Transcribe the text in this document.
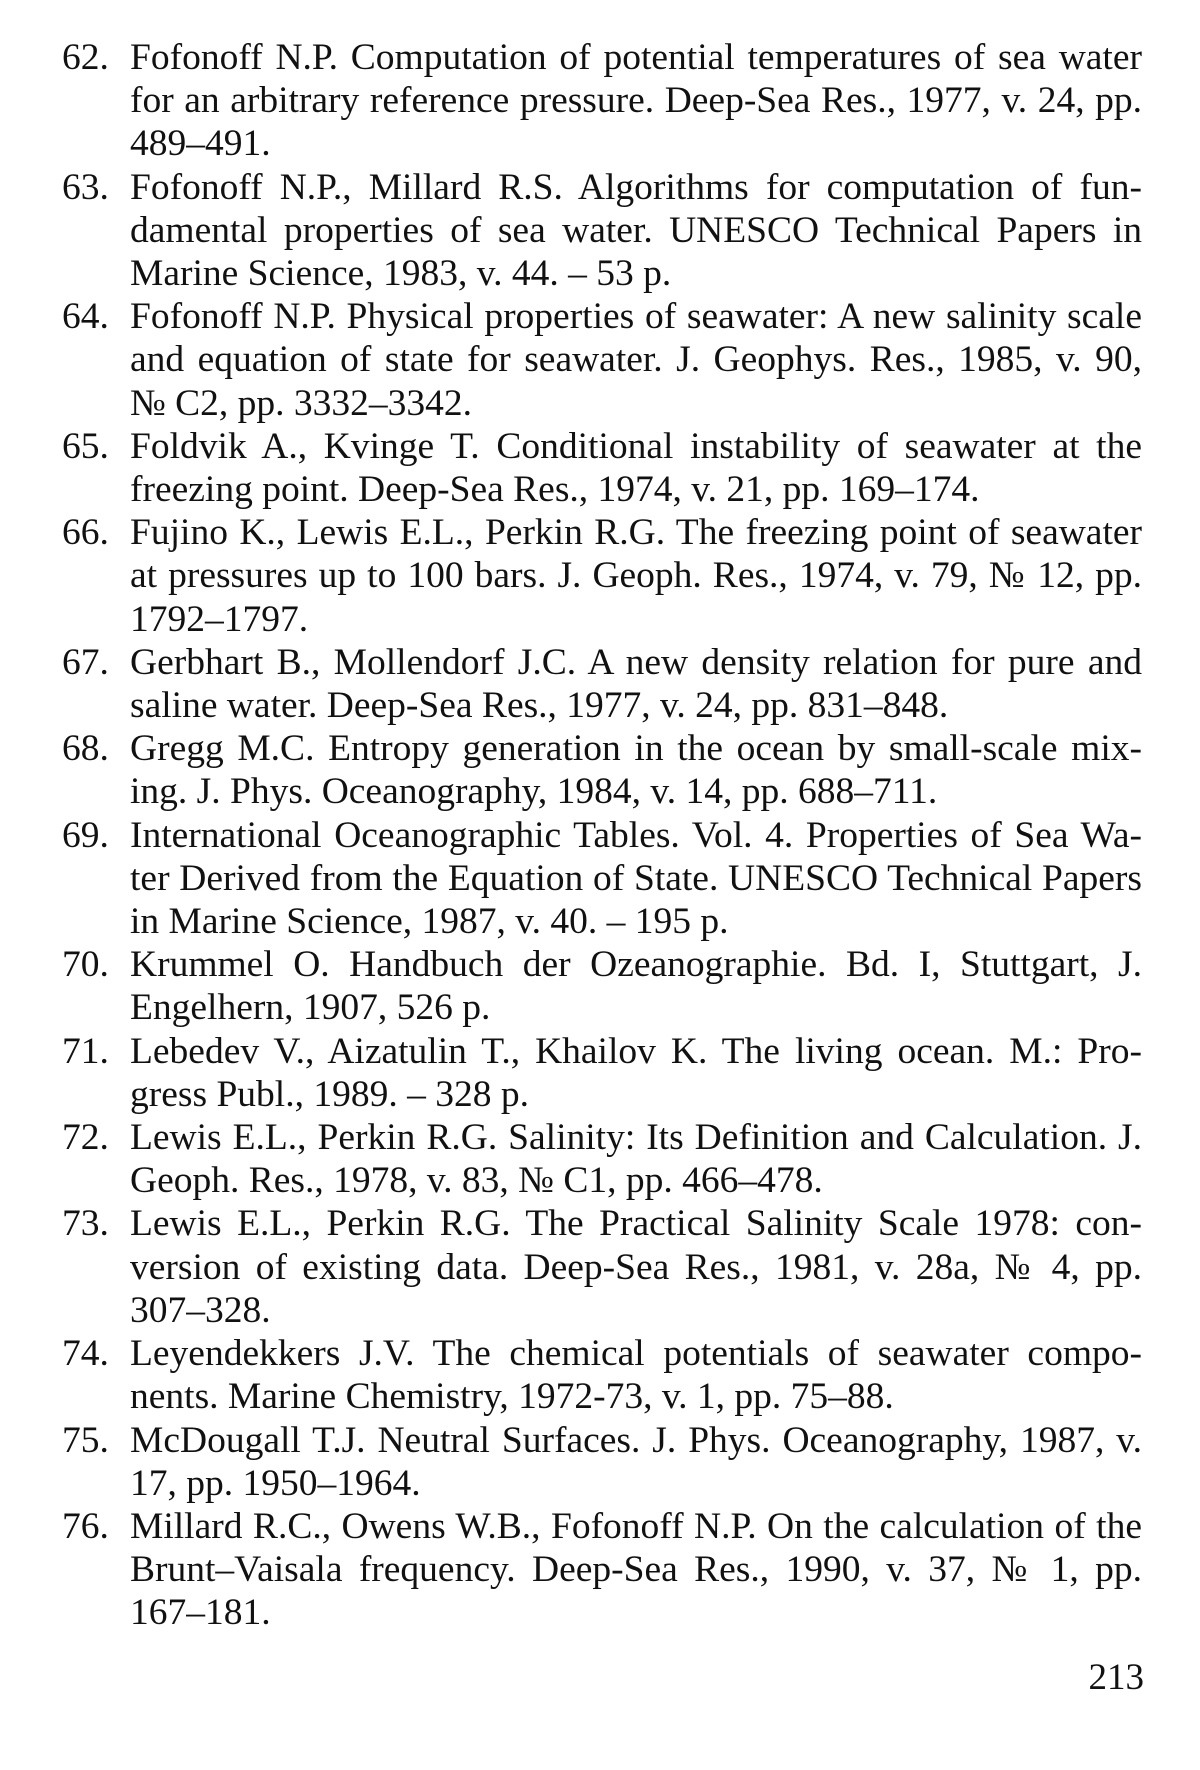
62. Fofonoff N.P. Computation of potential temperatures of sea water for an arbitrary reference pressure. Deep-Sea Res., 1977, v. 24, pp. 489–491.
63. Fofonoff N.P., Millard R.S. Algorithms for computation of fundamental properties of sea water. UNESCO Technical Papers in Marine Science, 1983, v. 44. – 53 p.
64. Fofonoff N.P. Physical properties of seawater: A new salinity scale and equation of state for seawater. J. Geophys. Res., 1985, v. 90, № C2, pp. 3332–3342.
65. Foldvik A., Kvinge T. Conditional instability of seawater at the freezing point. Deep-Sea Res., 1974, v. 21, pp. 169–174.
66. Fujino K., Lewis E.L., Perkin R.G. The freezing point of seawater at pressures up to 100 bars. J. Geoph. Res., 1974, v. 79, № 12, pp. 1792–1797.
67. Gerbhart B., Mollendorf J.C. A new density relation for pure and saline water. Deep-Sea Res., 1977, v. 24, pp. 831–848.
68. Gregg M.C. Entropy generation in the ocean by small-scale mixing. J. Phys. Oceanography, 1984, v. 14, pp. 688–711.
69. International Oceanographic Tables. Vol. 4. Properties of Sea Water Derived from the Equation of State. UNESCO Technical Papers in Marine Science, 1987, v. 40. – 195 p.
70. Krummel O. Handbuch der Ozeanographie. Bd. I, Stuttgart, J. Engelhern, 1907, 526 p.
71. Lebedev V., Aizatulin T., Khailov K. The living ocean. M.: Progress Publ., 1989. – 328 p.
72. Lewis E.L., Perkin R.G. Salinity: Its Definition and Calculation. J. Geoph. Res., 1978, v. 83, № C1, pp. 466–478.
73. Lewis E.L., Perkin R.G. The Practical Salinity Scale 1978: conversion of existing data. Deep-Sea Res., 1981, v. 28a, № 4, pp. 307–328.
74. Leyendekkers J.V. The chemical potentials of seawater components. Marine Chemistry, 1972-73, v. 1, pp. 75–88.
75. McDougall T.J. Neutral Surfaces. J. Phys. Oceanography, 1987, v. 17, pp. 1950–1964.
76. Millard R.C., Owens W.B., Fofonoff N.P. On the calculation of the Brunt–Vaisala frequency. Deep-Sea Res., 1990, v. 37, № 1, pp. 167–181.
213
